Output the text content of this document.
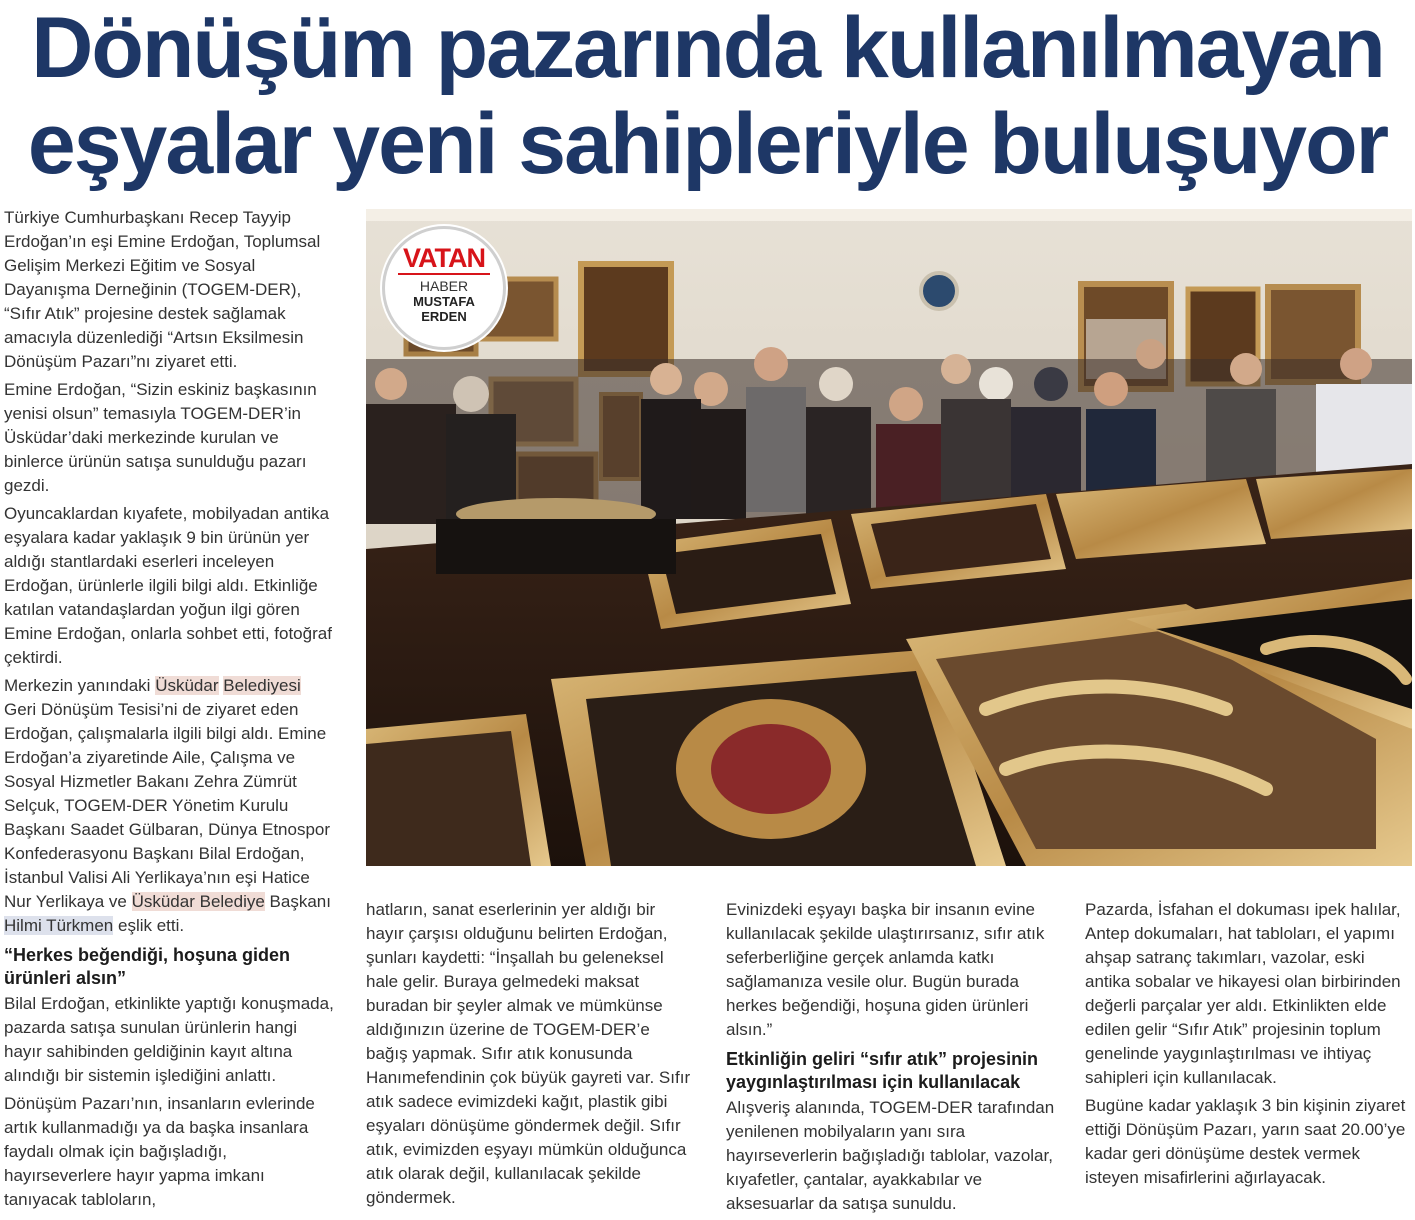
Dönüşüm pazarında kullanılmayan
eşyalar yeni sahipleriyle buluşuyor

Türkiye Cumhurbaşkanı Recep Tayyip Erdoğan’ın eşi Emine Erdoğan, Toplumsal Gelişim Merkezi Eğitim ve Sosyal Dayanışma Derneğinin (TOGEM-DER), “Sıfır Atık” projesine destek sağlamak amacıyla düzenlediği “Artsın Eksilmesin Dönüşüm Pazarı”nı ziyaret etti.

Emine Erdoğan, “Sizin eskiniz başkasının yenisi olsun” temasıyla TOGEM-DER’in Üsküdar’daki merkezinde kurulan ve binlerce ürünün satışa sunulduğu pazarı gezdi.

Oyuncaklardan kıyafete, mobilyadan antika eşyalara kadar yaklaşık 9 bin ürünün yer aldığı stantlardaki eserleri inceleyen Erdoğan, ürünlerle ilgili bilgi aldı. Etkinliğe katılan vatandaşlardan yoğun ilgi gören Emine Erdoğan, onlarla sohbet etti, fotoğraf çektirdi.

Merkezin yanındaki Üsküdar Belediyesi Geri Dönüşüm Tesisi’ni de ziyaret eden Erdoğan, çalışmalarla ilgili bilgi aldı. Emine Erdoğan’a ziyaretinde Aile, Çalışma ve Sosyal Hizmetler Bakanı Zehra Zümrüt Selçuk, TOGEM-DER Yönetim Kurulu Başkanı Saadet Gülbaran, Dünya Etnospor Konfederasyonu Başkanı Bilal Erdoğan, İstanbul Valisi Ali Yerlikaya’nın eşi Hatice Nur Yerlikaya ve Üsküdar Belediye Başkanı Hilmi Türkmen eşlik etti.

“Herkes beğendiği, hoşuna giden ürünleri alsın”

Bilal Erdoğan, etkinlikte yaptığı konuşmada, pazarda satışa sunulan ürünlerin hangi hayır sahibinden geldiğinin kayıt altına alındığı bir sistemin işlediğini anlattı.

Dönüşüm Pazarı’nın, insanların evlerinde artık kullanmadığı ya da başka insanlara faydalı olmak için bağışladığı, hayırseverlere hayır yapma imkanı tanıyacak tabloların,

VATAN
HABER
MUSTAFA
ERDEN

hatların, sanat eserlerinin yer aldığı bir hayır çarşısı olduğunu belirten Erdoğan, şunları kaydetti: “İnşallah bu geleneksel hale gelir. Buraya gelmedeki maksat buradan bir şeyler almak ve mümkünse aldığınızın üzerine de TOGEM-DER’e bağış yapmak. Sıfır atık konusunda Hanımefendinin çok büyük gayreti var. Sıfır atık sadece evimizdeki kağıt, plastik gibi eşyaları dönüşüme göndermek değil. Sıfır atık, evimizden eşyayı mümkün olduğunca atık olarak değil, kullanılacak şekilde göndermek.

Evinizdeki eşyayı başka bir insanın evine kullanılacak şekilde ulaştırırsanız, sıfır atık seferberliğine gerçek anlamda katkı sağlamanıza vesile olur. Bugün burada herkes beğendiği, hoşuna giden ürünleri alsın.”

Etkinliğin geliri “sıfır atık” projesinin yaygınlaştırılması için kullanılacak

Alışveriş alanında, TOGEM-DER tarafından yenilenen mobilyaların yanı sıra hayırseverlerin bağışladığı tablolar, vazolar, kıyafetler, çantalar, ayakkabılar ve aksesuarlar da satışa sunuldu.

Pazarda, İsfahan el dokuması ipek halılar, Antep dokumaları, hat tabloları, el yapımı ahşap satranç takımları, vazolar, eski antika sobalar ve hikayesi olan birbirinden değerli parçalar yer aldı. Etkinlikten elde edilen gelir “Sıfır Atık” projesinin toplum genelinde yaygınlaştırılması ve ihtiyaç sahipleri için kullanılacak.

Bugüne kadar yaklaşık 3 bin kişinin ziyaret ettiği Dönüşüm Pazarı, yarın saat 20.00’ye kadar geri dönüşüme destek vermek isteyen misafirlerini ağırlayacak.
